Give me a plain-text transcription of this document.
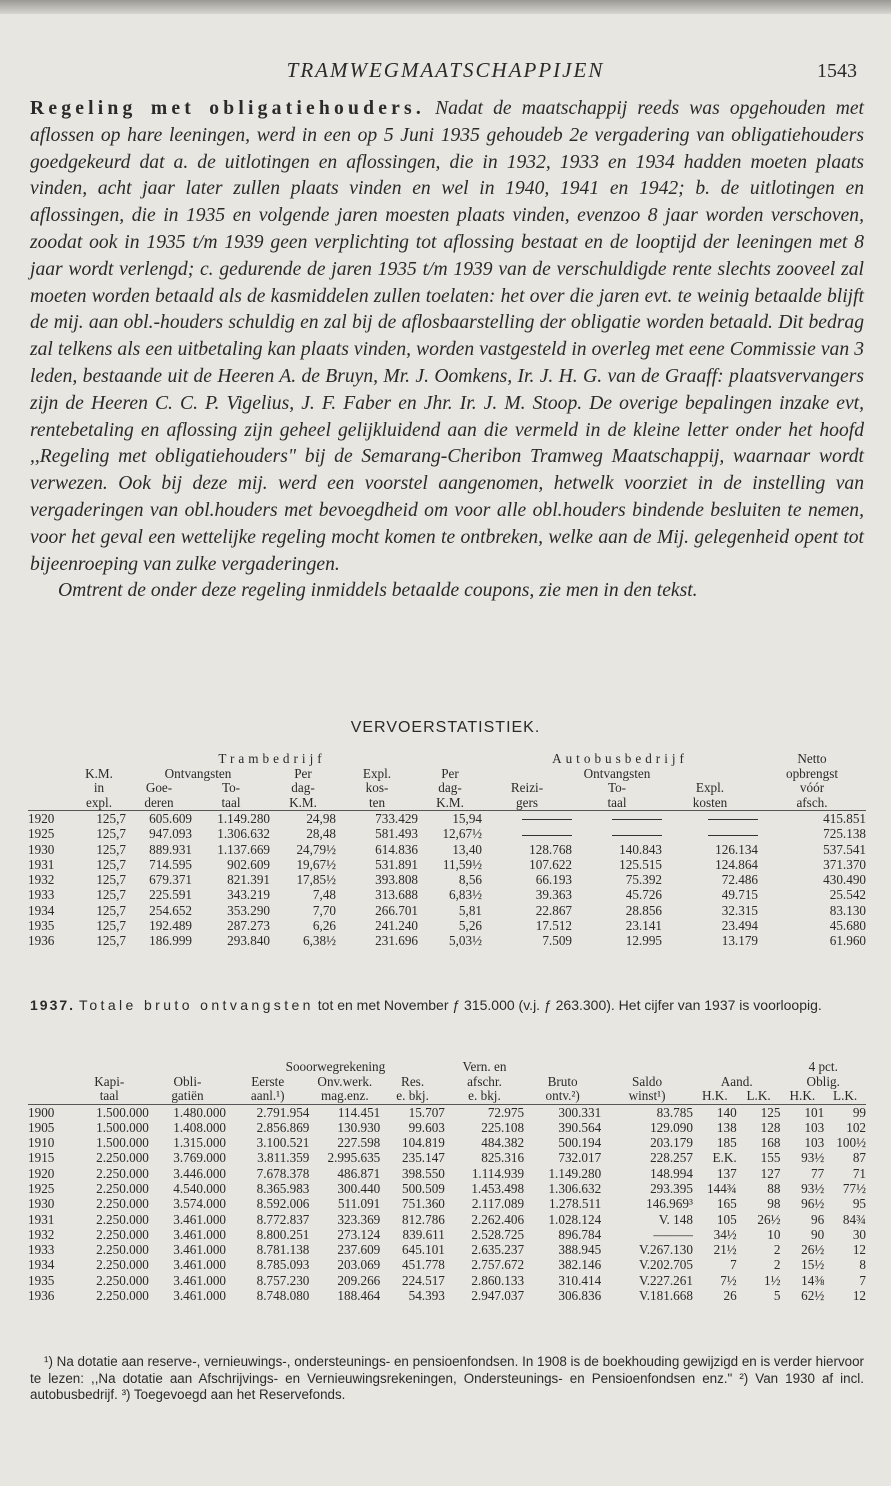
TRAMWEGMAATSCHAPPIJEN	1543

Regeling met obligatiehouders. Nadat de maatschappij reeds was opgehouden met aflossen op hare leeningen, werd in een op 5 Juni 1935 gehoudeb 2e vergadering van obligatiehouders goedgekeurd dat a. de uitlotingen en aflossingen, die in 1932, 1933 en 1934 hadden moeten plaats vinden, acht jaar later zullen plaats vinden en wel in 1940, 1941 en 1942; b. de uitlotingen en aflossingen, die in 1935 en volgende jaren moesten plaats vinden, evenzoo 8 jaar worden verschoven, zoodat ook in 1935 t/m 1939 geen verplichting tot aflossing bestaat en de looptijd der leeningen met 8 jaar wordt verlengd; c. gedurende de jaren 1935 t/m 1939 van de verschuldigde rente slechts zooveel zal moeten worden betaald als de kasmiddelen zullen toelaten: het over die jaren evt. te weinig betaalde blijft de mij. aan obl.-houders schuldig en zal bij de aflosbaarstelling der obligatie worden betaald. Dit bedrag zal telkens als een uitbetaling kan plaats vinden, worden vastgesteld in overleg met eene Commissie van 3 leden, bestaande uit de Heeren A. de Bruyn, Mr. J. Oomkens, Ir. J. H. G. van de Graaff: plaatsvervangers zijn de Heeren C. C. P. Vigelius, J. F. Faber en Jhr. Ir. J. M. Stoop. De overige bepalingen inzake evt, rentebetaling en aflossing zijn geheel gelijkluidend aan die vermeld in de kleine letter onder het hoofd ,,Regeling met obligatiehouders" bij de Semarang-Cheribon Tramweg Maatschappij, waarnaar wordt verwezen. Ook bij deze mij. werd een voorstel aangenomen, hetwelk voorziet in de instelling van vergaderingen van obl.houders met bevoegdheid om voor alle obl.houders bindende besluiten te nemen, voor het geval een wettelijke regeling mocht komen te ontbreken, welke aan de Mij. gelegenheid opent tot bijeenroeping van zulke vergaderingen.

Omtrent de onder deze regeling inmiddels betaalde coupons, zie men in den tekst.

VERVOERSTATISTIEK.
		Trambedrijf					Autobusbedrijf			Netto
	K.M.	Ontvangsten		Per	Expl.	Per		Ontvangsten		opbrengst
	in	Goe-	To-	dag-	kos-	dag-	Reizi-	To-	Expl.	vóór
	expl.	deren	taal	K.M.	ten	K.M.	gers	taal	kosten	afsch.
1920	125,7	605.609	1.149.280	24,98	733.429	15,94				415.851
1925	125,7	947.093	1.306.632	28,48	581.493	12,67½				725.138
1930	125,7	889.931	1.137.669	24,79½	614.836	13,40	128.768	140.843	126.134	537.541
1931	125,7	714.595	902.609	19,67½	531.891	11,59½	107.622	125.515	124.864	371.370
1932	125,7	679.371	821.391	17,85½	393.808	8,56	66.193	75.392	72.486	430.490
1933	125,7	225.591	343.219	7,48	313.688	6,83½	39.363	45.726	49.715	25.542
1934	125,7	254.652	353.290	7,70	266.701	5,81	22.867	28.856	32.315	83.130
1935	125,7	192.489	287.273	6,26	241.240	5,26	17.512	23.141	23.494	45.680
1936	125,7	186.999	293.840	6,38½	231.696	5,03½	7.509	12.995	13.179	61.960
1937. Totale bruto ontvangsten tot en met November ƒ 315.000 (v.j. ƒ 263.300). Het cijfer van 1937 is voorloopig.
			Sooorwegrekening			Vern. en					4 pct.	
	Kapi-	Obli-	Eerste	Onv.werk.	Res.	afschr.	Bruto	Saldo	Aand.		Oblig.	
	taal	gatiën	aanl.¹)	mag.enz.	e. bkj.	e. bkj.	ontv.²)	winst¹)	H.K.	L.K.	H.K.	L.K.
1900	1.500.000	1.480.000	2.791.954	114.451	15.707	72.975	300.331	83.785	140	125	101	99
1905	1.500.000	1.408.000	2.856.869	130.930	99.603	225.108	390.564	129.090	138	128	103	102
1910	1.500.000	1.315.000	3.100.521	227.598	104.819	484.382	500.194	203.179	185	168	103	100½
1915	2.250.000	3.769.000	3.811.359	2.995.635	235.147	825.316	732.017	228.257	E.K.	155	93½	87
1920	2.250.000	3.446.000	7.678.378	486.871	398.550	1.114.939	1.149.280	148.994	137	127	77	71
1925	2.250.000	4.540.000	8.365.983	300.440	500.509	1.453.498	1.306.632	293.395	144¾	88	93½	77½
1930	2.250.000	3.574.000	8.592.006	511.091	751.360	2.117.089	1.278.511	146.969³	165	98	96½	95
1931	2.250.000	3.461.000	8.772.837	323.369	812.786	2.262.406	1.028.124	V. 148	105	26½	96	84¾
1932	2.250.000	3.461.000	8.800.251	273.124	839.611	2.528.725	896.784	———	34½	10	90	30
1933	2.250.000	3.461.000	8.781.138	237.609	645.101	2.635.237	388.945	V.267.130	21½	2	26½	12
1934	2.250.000	3.461.000	8.785.093	203.069	451.778	2.757.672	382.146	V.202.705	7	2	15½	8
1935	2.250.000	3.461.000	8.757.230	209.266	224.517	2.860.133	310.414	V.227.261	7½	1½	14⅜	7
1936	2.250.000	3.461.000	8.748.080	188.464	54.393	2.947.037	306.836	V.181.668	26	5	62½	12
¹) Na dotatie aan reserve-, vernieuwings-, ondersteunings- en pensioenfondsen. In 1908 is de boekhouding gewijzigd en is verder hiervoor te lezen: ,,Na dotatie aan Afschrijvings- en Vernieuwingsrekeningen, Ondersteunings- en Pensioenfondsen enz." ²) Van 1930 af incl. autobusbedrijf. ³) Toegevoegd aan het Reservefonds.
